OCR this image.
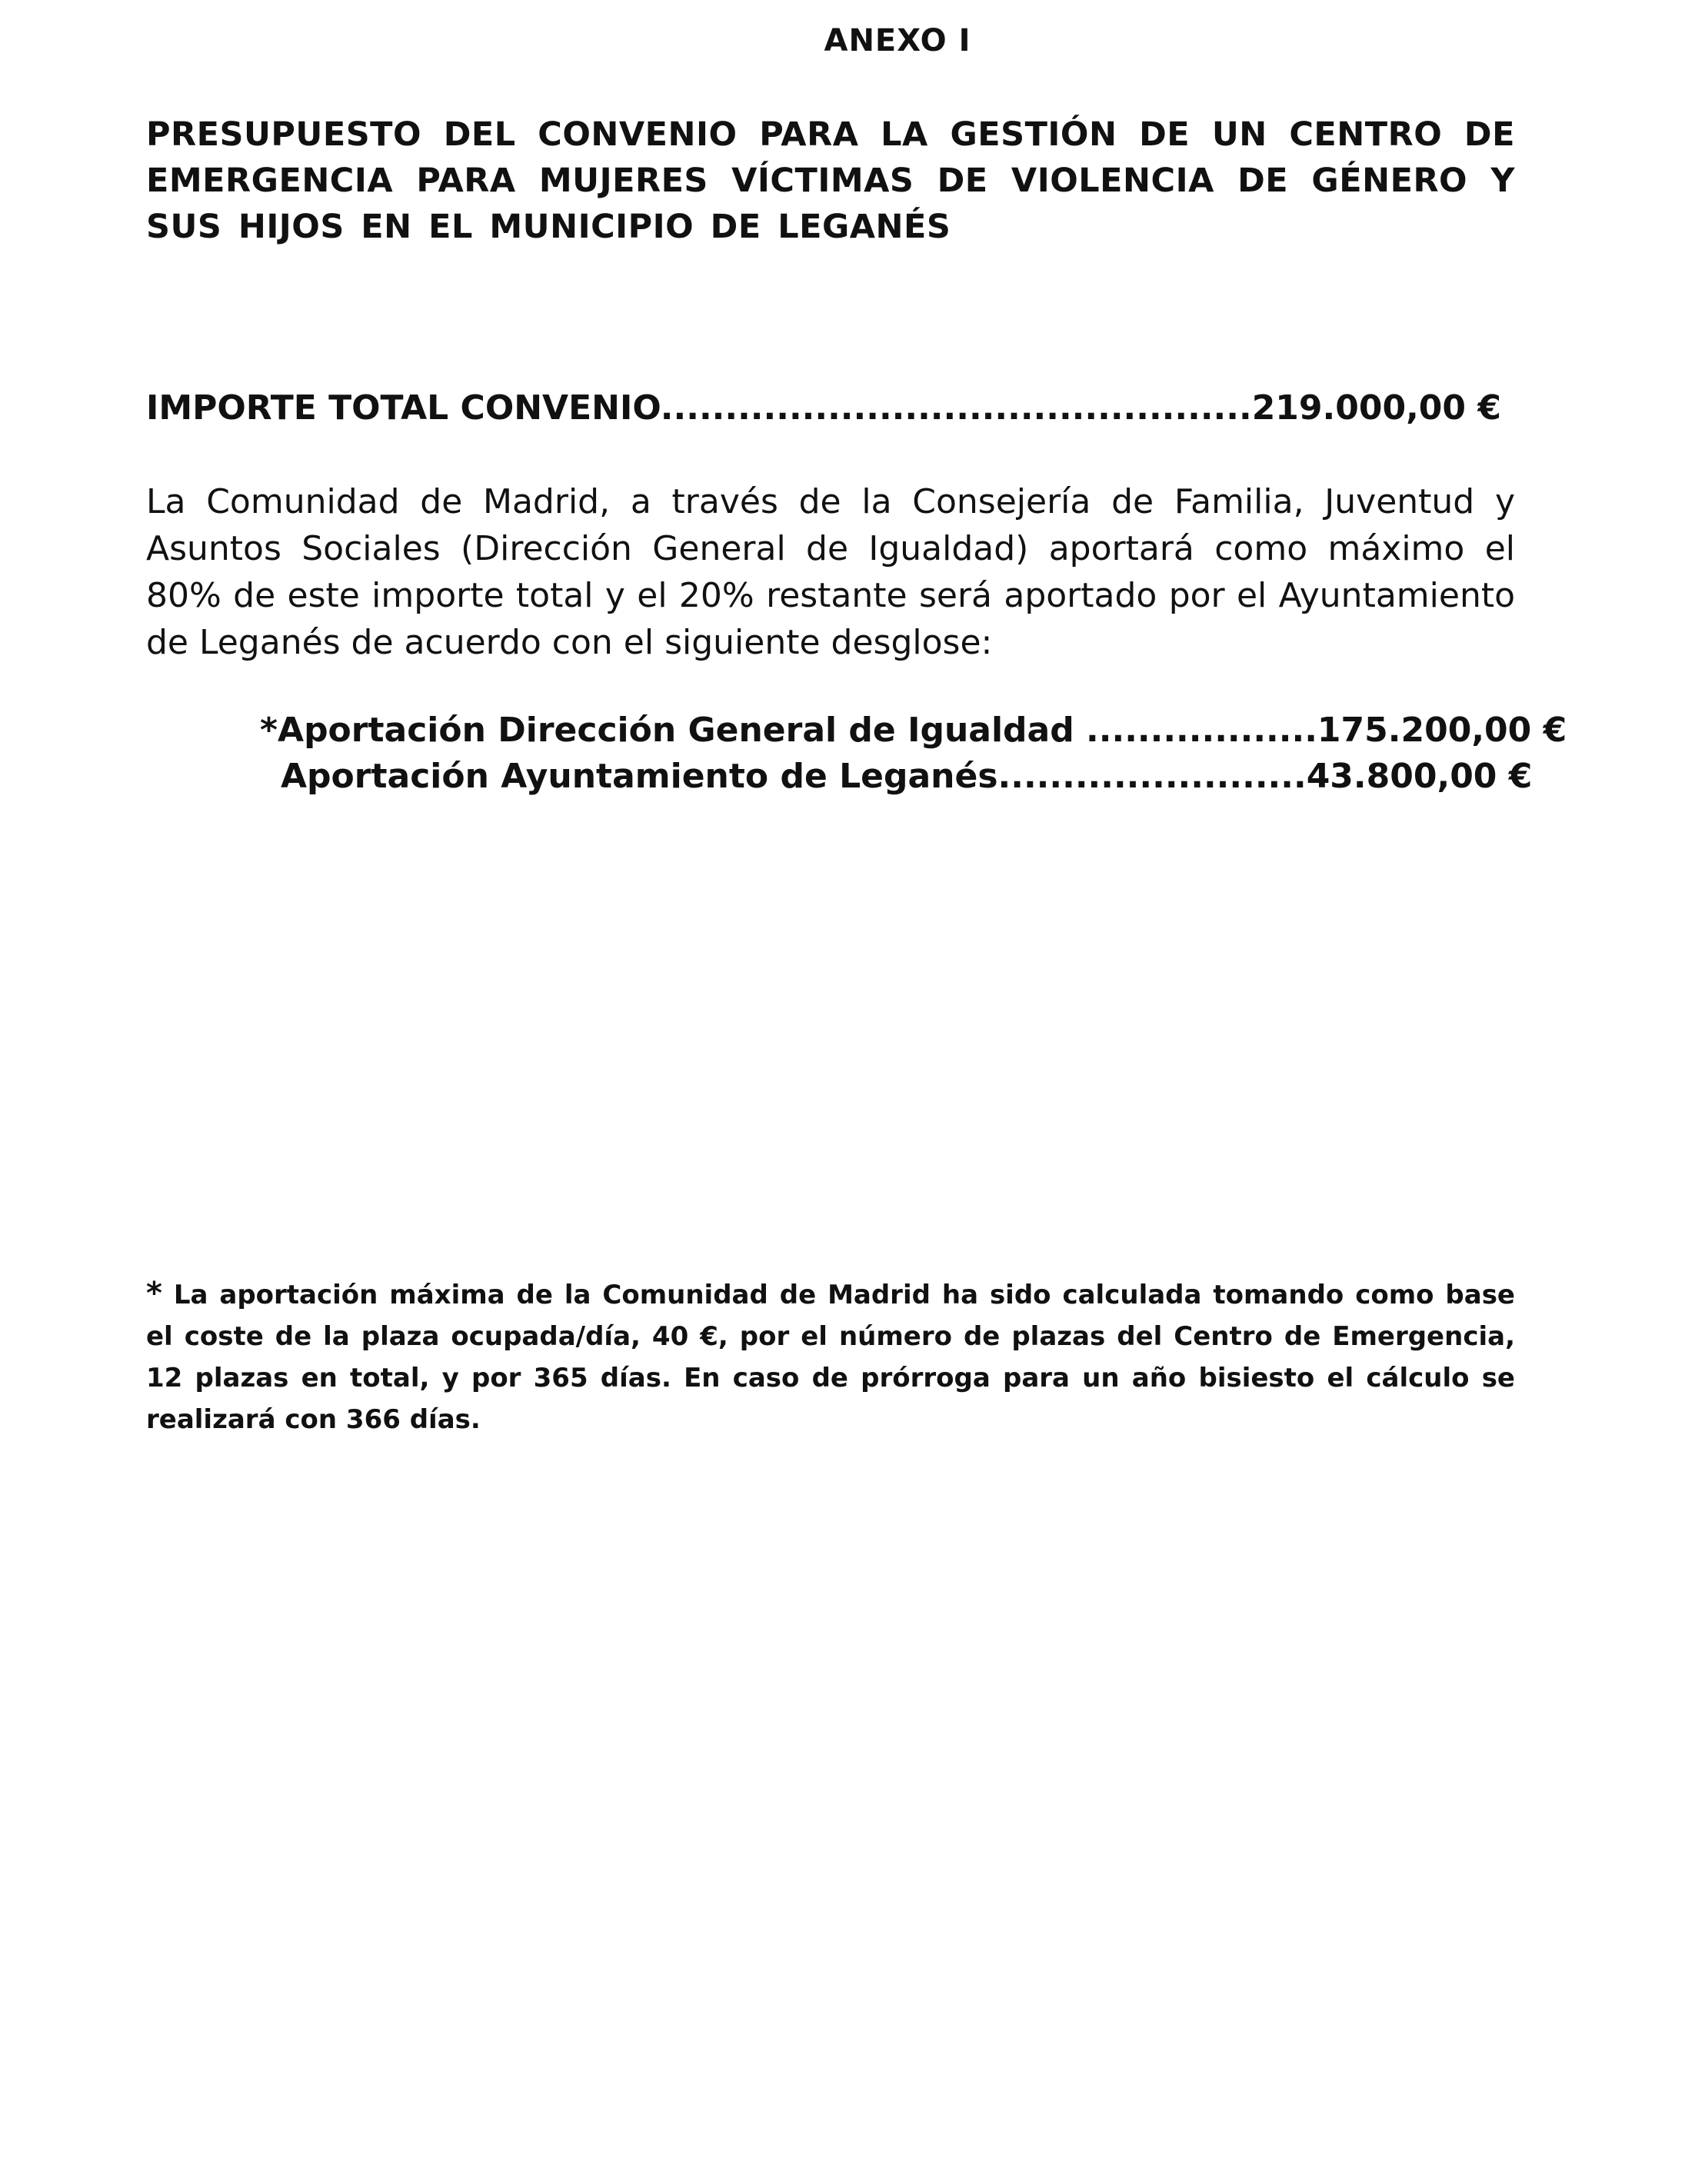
ANEXO I
PRESUPUESTO DEL CONVENIO PARA LA GESTIÓN DE UN CENTRO DE EMERGENCIA PARA MUJERES VÍCTIMAS DE VIOLENCIA DE GÉNERO Y SUS HIJOS EN EL MUNICIPIO DE LEGANÉS
IMPORTE TOTAL CONVENIO..............................................219.000,00 €
La Comunidad de Madrid, a través de la Consejería de Familia, Juventud y Asuntos Sociales (Dirección General de Igualdad) aportará como máximo el 80% de este importe total y el 20% restante será aportado por el Ayuntamiento de Leganés de acuerdo con el siguiente desglose:
*Aportación Dirección General de Igualdad ..................175.200,00 €
Aportación Ayuntamiento de Leganés........................43.800,00 €
* La aportación máxima de la Comunidad de Madrid ha sido calculada tomando como base el coste de la plaza ocupada/día, 40 €, por el número de plazas del Centro de Emergencia, 12 plazas en total, y por 365 días. En caso de prórroga para un año bisiesto el cálculo se realizará con 366 días.
